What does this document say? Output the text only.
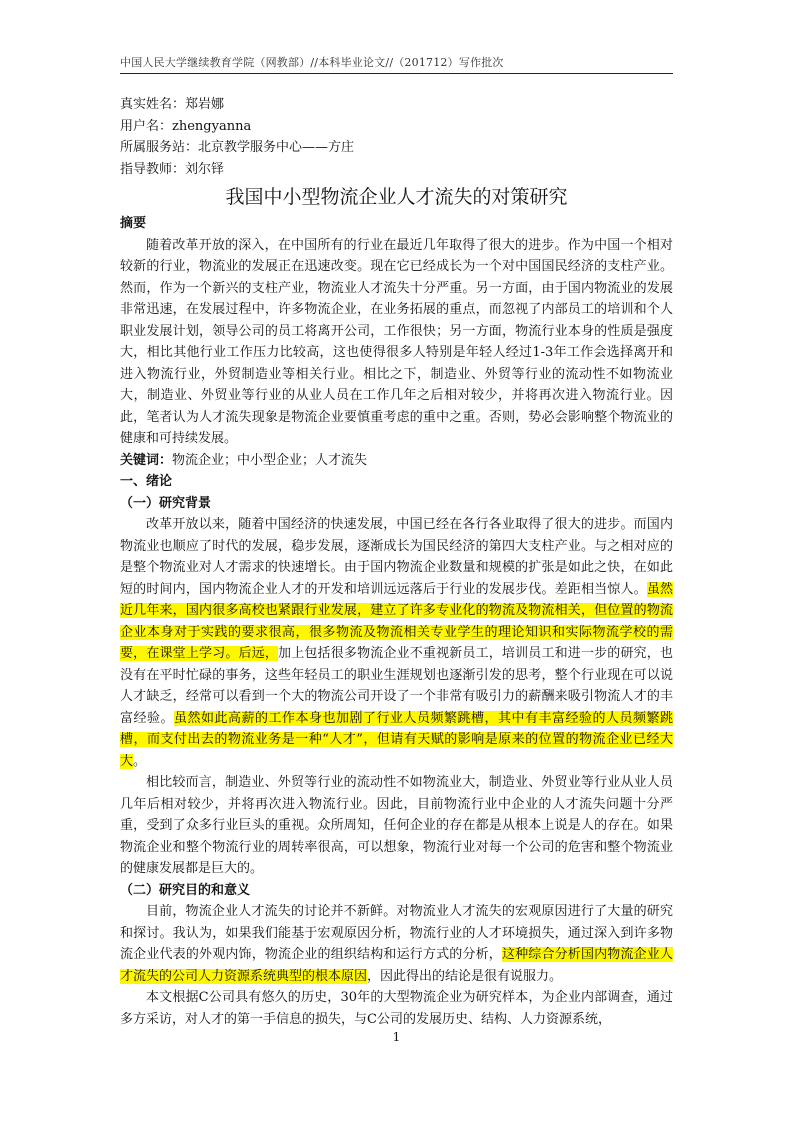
中国人民大学继续教育学院（网教部）//本科毕业论文//（201712）写作批次
真实姓名：郑岩娜
用户名：zhengyanna
所属服务站：北京教学服务中心——方庄
指导教师：刘尔铎
我国中小型物流企业人才流失的对策研究
摘要

随着改革开放的深入，在中国所有的行业在最近几年取得了很大的进步。作为中国一个相对较新的行业，物流业的发展正在迅速改变。现在它已经成长为一个对中国国民经济的支柱产业。然而，作为一个新兴的支柱产业，物流业人才流失十分严重。另一方面，由于国内物流业的发展非常迅速，在发展过程中，许多物流企业，在业务拓展的重点，而忽视了内部员工的培训和个人职业发展计划，领导公司的员工将离开公司，工作很快；另一方面，物流行业本身的性质是强度大，相比其他行业工作压力比较高，这也使得很多人特别是年轻人经过1-3年工作会选择离开和进入物流行业，外贸制造业等相关行业。相比之下，制造业、外贸等行业的流动性不如物流业大，制造业、外贸业等行业的从业人员在工作几年之后相对较少，并将再次进入物流行业。因此，笔者认为人才流失现象是物流企业要慎重考虑的重中之重。否则，势必会影响整个物流业的健康和可持续发展。

关键词：物流企业；中小型企业；人才流失
一、绪论
（一）研究背景

改革开放以来，随着中国经济的快速发展，中国已经在各行各业取得了很大的进步。而国内物流业也顺应了时代的发展，稳步发展，逐渐成长为国民经济的第四大支柱产业。与之相对应的是整个物流业对人才需求的快速增长。由于国内物流企业数量和规模的扩张是如此之快，在如此短的时间内，国内物流企业人才的开发和培训远远落后于行业的发展步伐。差距相当惊人。虽然近几年来，国内很多高校也紧跟行业发展，建立了许多专业化的物流及物流相关，但位置的物流企业本身对于实践的要求很高，很多物流及物流相关专业学生的理论知识和实际物流学校的需要，在课堂上学习。后远，加上包括很多物流企业不重视新员工，培训员工和进一步的研究，也没有在平时忙碌的事务，这些年轻员工的职业生涯规划也逐渐引发的思考，整个行业现在可以说人才缺乏，经常可以看到一个大的物流公司开设了一个非常有吸引力的薪酬来吸引物流人才的丰富经验。虽然如此高薪的工作本身也加剧了行业人员频繁跳槽，其中有丰富经验的人员频繁跳槽，而支付出去的物流业务是一种“人才”，但请有天赋的影响是原来的位置的物流企业已经大大。

相比较而言，制造业、外贸等行业的流动性不如物流业大，制造业、外贸业等行业从业人员几年后相对较少，并将再次进入物流行业。因此，目前物流行业中企业的人才流失问题十分严重，受到了众多行业巨头的重视。众所周知，任何企业的存在都是从根本上说是人的存在。如果物流企业和整个物流行业的周转率很高，可以想象，物流行业对每一个公司的危害和整个物流业的健康发展都是巨大的。

（二）研究目的和意义

目前，物流企业人才流失的讨论并不新鲜。对物流业人才流失的宏观原因进行了大量的研究和探讨。我认为，如果我们能基于宏观原因分析，物流行业的人才环境损失，通过深入到许多物流企业代表的外观内饰，物流企业的组织结构和运行方式的分析，这种综合分析国内物流企业人才流失的公司人力资源系统典型的根本原因，因此得出的结论是很有说服力。

本文根据C公司具有悠久的历史，30年的大型物流企业为研究样本，为企业内部调查，通过多方采访，对人才的第一手信息的损失，与C公司的发展历史、结构、人力资源系统，

1
